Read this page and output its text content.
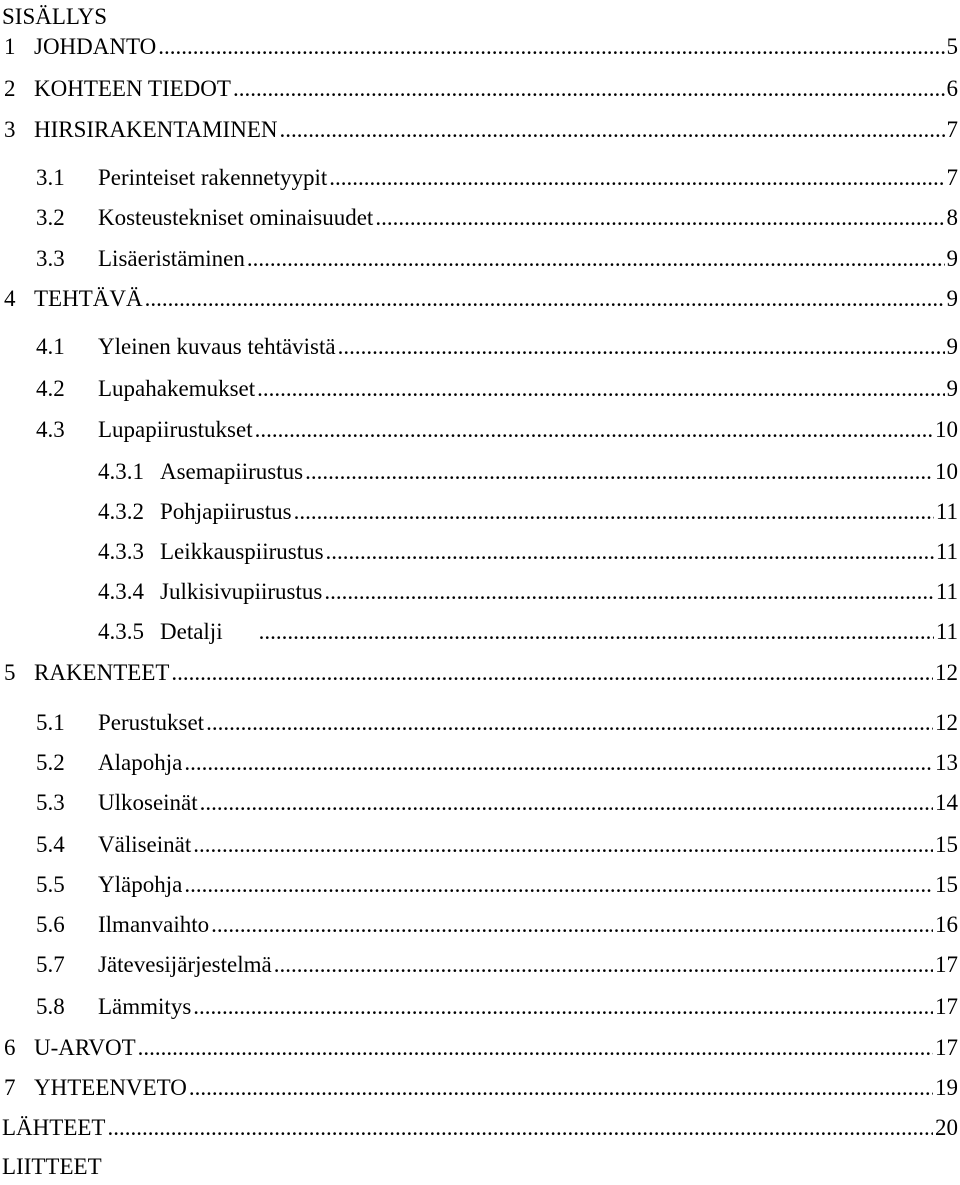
SISÄLLYS
1 JOHDANTO .....	5
2 KOHTEEN TIEDOT .....	6
3 HIRSIRAKENTAMINEN .....	7
3.1	Perinteiset rakennetyypit .....	7
3.2	Kosteustekniset ominaisuudet .....	8
3.3	Lisäeristäminen .....	9
4 TEHTÄVÄ .....	9
4.1	Yleinen kuvaus tehtävistä .....	9
4.2	Lupahakemukset .....	9
4.3	Lupapiirustukset .....	10
4.3.1 Asemapiirustus .....	10
4.3.2 Pohjapiirustus .....	11
4.3.3 Leikkauspiirustus .....	11
4.3.4 Julkisivupiirustus .....	11
4.3.5 Detalji .....	11
5 RAKENTEET .....	12
5.1	Perustukset .....	12
5.2	Alapohja .....	13
5.3	Ulkoseinät .....	14
5.4	Väliseinät .....	15
5.5	Yläpohja .....	15
5.6	Ilmanvaihto .....	16
5.7	Jätevesijärjestelmä .....	17
5.8	Lämmitys .....	17
6 U-ARVOT .....	17
7 YHTEENVETO .....	19
LÄHTEET .....	20
LIITTEET
